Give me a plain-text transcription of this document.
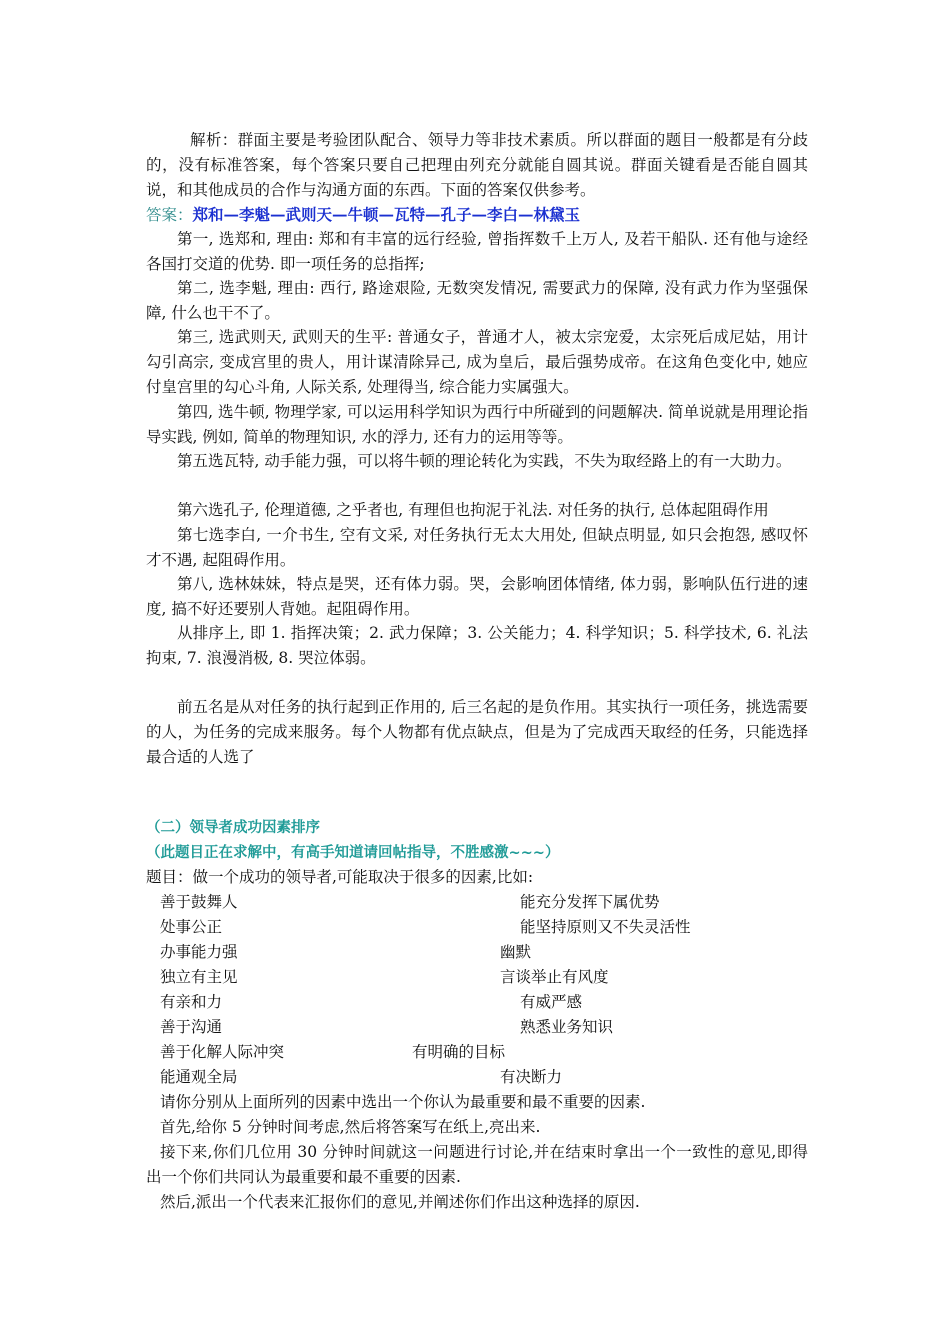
解析：群面主要是考验团队配合、领导力等非技术素质。所以群面的题目一般都是有分歧的，没有标准答案，每个答案只要自己把理由列充分就能自圆其说。群面关键看是否能自圆其说，和其他成员的合作与沟通方面的东西。下面的答案仅供参考。

答案：郑和—李魁—武则天—牛顿—瓦特—孔子—李白—林黛玉

第一, 选郑和, 理由: 郑和有丰富的远行经验, 曾指挥数千上万人, 及若干船队. 还有他与途经各国打交道的优势. 即一项任务的总指挥;

第二, 选李魁, 理由: 西行, 路途艰险, 无数突发情况, 需要武力的保障, 没有武力作为坚强保障, 什么也干不了。

第三, 选武则天, 武则天的生平: 普通女子，普通才人，被太宗宠爱，太宗死后成尼姑，用计勾引高宗, 变成宫里的贵人，用计谋清除异己, 成为皇后，最后强势成帝。在这角色变化中, 她应付皇宫里的勾心斗角, 人际关系, 处理得当, 综合能力实属强大。

第四, 选牛顿, 物理学家, 可以运用科学知识为西行中所碰到的问题解决. 简单说就是用理论指导实践, 例如, 简单的物理知识, 水的浮力, 还有力的运用等等。

第五选瓦特, 动手能力强，可以将牛顿的理论转化为实践，不失为取经路上的有一大助力。

第六选孔子, 伦理道德, 之乎者也, 有理但也拘泥于礼法. 对任务的执行, 总体起阻碍作用

第七选李白, 一介书生, 空有文采, 对任务执行无太大用处, 但缺点明显, 如只会抱怨, 感叹怀才不遇, 起阻碍作用。

第八, 选林妹妹，特点是哭，还有体力弱。哭，会影响团体情绪, 体力弱，影响队伍行进的速度, 搞不好还要别人背她。起阻碍作用。

从排序上, 即 1. 指挥决策；2. 武力保障；3. 公关能力；4. 科学知识；5. 科学技术, 6. 礼法拘束, 7. 浪漫消极, 8. 哭泣体弱。

前五名是从对任务的执行起到正作用的, 后三名起的是负作用。其实执行一项任务，挑选需要的人，为任务的完成来服务。每个人物都有优点缺点，但是为了完成西天取经的任务，只能选择最合适的人选了

（二）领导者成功因素排序

（此题目正在求解中，有高手知道请回帖指导，不胜感激~~~）

题目：做一个成功的领导者,可能取决于很多的因素,比如:

善于鼓舞人	能充分发挥下属优势

处事公正	能坚持原则又不失灵活性

办事能力强	幽默

独立有主见	言谈举止有风度

有亲和力	有威严感

善于沟通	熟悉业务知识

善于化解人际冲突	有明确的目标

能通观全局	有决断力

请你分别从上面所列的因素中选出一个你认为最重要和最不重要的因素.

首先,给你 5 分钟时间考虑,然后将答案写在纸上,亮出来.

接下来,你们几位用 30 分钟时间就这一问题进行讨论,并在结束时拿出一个一致性的意见,即得出一个你们共同认为最重要和最不重要的因素.

然后,派出一个代表来汇报你们的意见,并阐述你们作出这种选择的原因.
